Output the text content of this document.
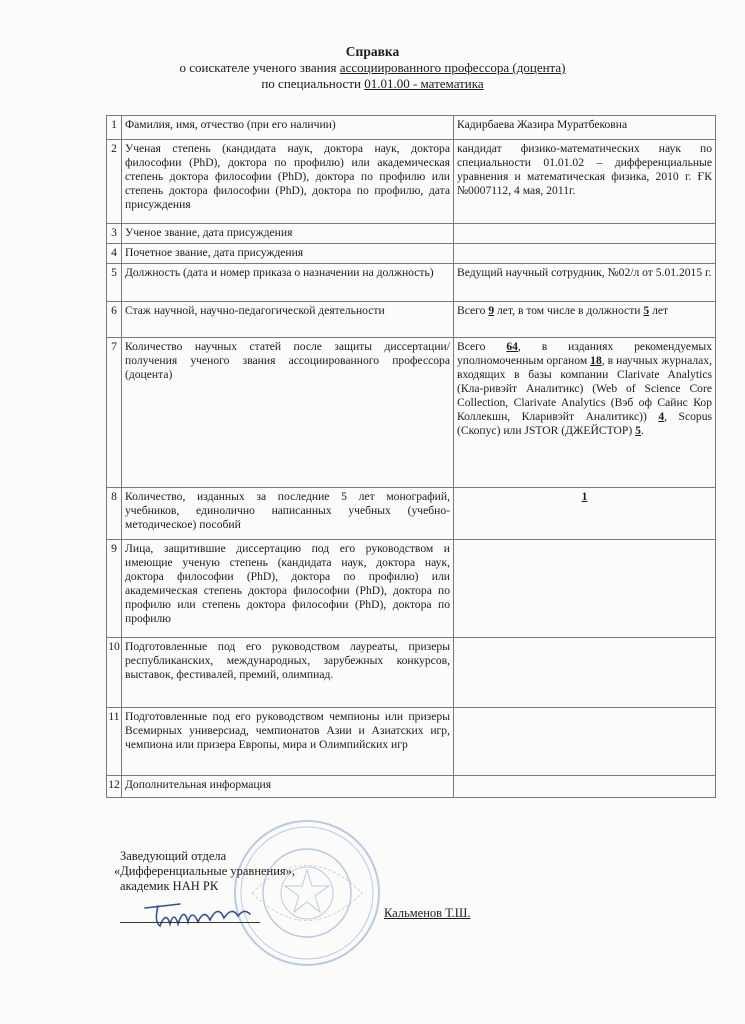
Справка
о соискателе ученого звания ассоциированного профессора (доцента)
по специальности 01.01.00 - математика
1	Фамилия, имя, отчество (при его наличии)	Кадирбаева Жазира Муратбековна
2	Ученая степень (кандидата наук, доктора наук, доктора философии (PhD), доктора по профилю) или академическая степень доктора философии (PhD), доктора по профилю или степень доктора философии (PhD), доктора по профилю, дата присуждения	кандидат физико-математических наук по специальности 01.01.02 – дифференциальные уравнения и математическая физика, 2010 г. ҒК №0007112, 4 мая, 2011г.
3	Ученое звание, дата присуждения	
4	Почетное звание, дата присуждения	
5	Должность (дата и номер приказа о назначении на должность)	Ведущий научный сотрудник, №02/л от 5.01.2015 г.
6	Стаж научной, научно-педагогической деятельности	Всего 9 лет, в том числе в должности 5 лет
7	Количество научных статей после защиты диссертации/получения ученого звания ассоциированного профессора (доцента)	Всего 64, в изданиях рекомендуемых уполномоченным органом 18, в научных журналах, входящих в базы компании Clarivate Analytics (Кла-ривэйт Аналитикс) (Web of Science Core Collection, Clarivate Analytics (Вэб оф Сайнс Кор Коллекшн, Кларивэйт Аналитикс)) 4, Scopus (Скопус) или JSTOR (ДЖЕЙСТОР) 5.
8	Количество, изданных за последние 5 лет монографий, учебников, единолично написанных учебных (учебно-методическое) пособий	1
9	Лица, защитившие диссертацию под его руководством и имеющие ученую степень (кандидата наук, доктора наук, доктора философии (PhD), доктора по профилю) или академическая степень доктора философии (PhD), доктора по профилю или степень доктора философии (PhD), доктора по профилю	
10	Подготовленные под его руководством лауреаты, призеры республиканских, международных, зарубежных конкурсов, выставок, фестивалей, премий, олимпиад.	
11	Подготовленные под его руководством чемпионы или призеры Всемирных универсиад, чемпионатов Азии и Азиатских игр, чемпиона или призера Европы, мира и Олимпийских игр	
12	Дополнительная информация	
Заведующий отдела
«Дифференциальные уравнения»,
академик НАН РК
Кальменов Т.Ш.
